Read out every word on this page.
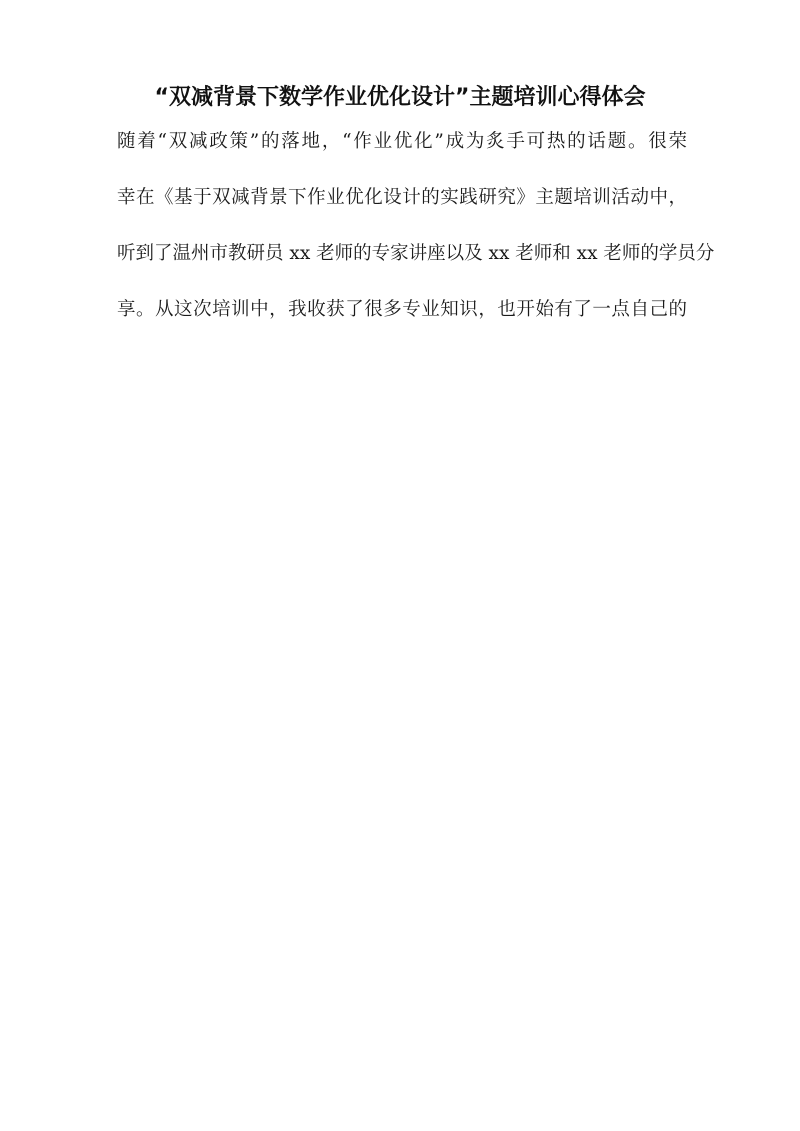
“双减背景下数学作业优化设计”主题培训心得体会
随着“双减政策”的落地，“作业优化”成为炙手可热的话题。很荣
幸在《基于双减背景下作业优化设计的实践研究》主题培训活动中，
听到了温州市教研员 xx 老师的专家讲座以及 xx 老师和 xx 老师的学员分
享。从这次培训中，我收获了很多专业知识，也开始有了一点自己的
